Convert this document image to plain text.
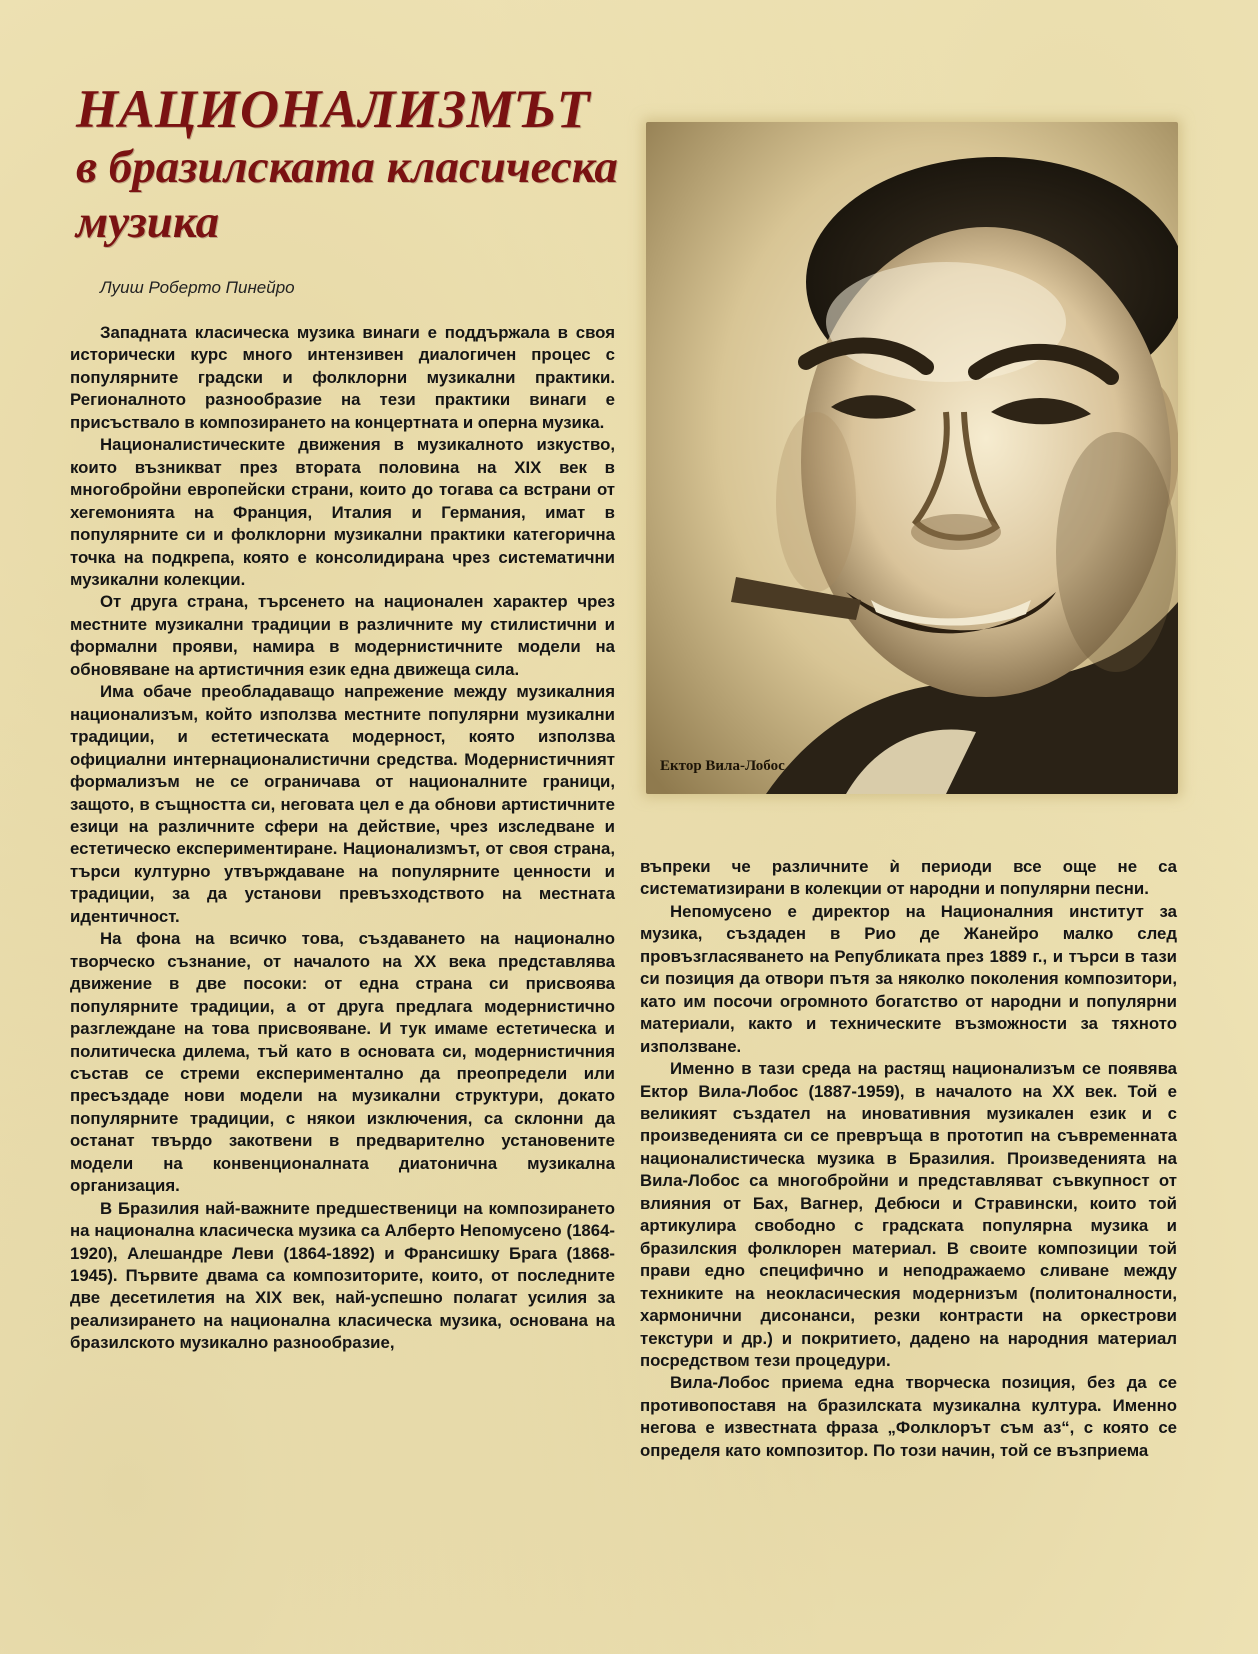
НАЦИОНАЛИЗМЪТ
в бразилската класическа
музика

Луиш Роберто Пинейро

Западната класическа музика винаги е поддържала в своя исторически курс много интензивен диалогичен процес с популярните градски и фолклорни музикални практики. Регионалното разнообразие на тези практики винаги е присъствало в композирането на концертната и оперна музика.

Националистическите движения в музикалното изкуство, които възникват през втората половина на XIX век в многобройни европейски страни, които до тогава са встрани от хегемонията на Франция, Италия и Германия, имат в популярните си и фолклорни музикални практики категорична точка на подкрепа, която е консолидирана чрез систематични музикални колекции.

От друга страна, търсенето на национален характер чрез местните музикални традиции в различните му стилистични и формални прояви, намира в модернистичните модели на обновяване на артистичния език една движеща сила.

Има обаче преобладаващо напрежение между музикалния национализъм, който използва местните популярни музикални традиции, и естетическата модерност, която използва официални интернационалистични средства. Модернистичният формализъм не се ограничава от националните граници, защото, в същността си, неговата цел е да обнови артистичните езици на различните сфери на действие, чрез изследване и естетическо експериментиране. Национализмът, от своя страна, търси културно утвърждаване на популярните ценности и традиции, за да установи превъзходството на местната идентичност.

На фона на всичко това, създаването на национално творческо съзнание, от началото на XX века представлява движение в две посоки: от една страна си присвоява популярните традиции, а от друга предлага модернистично разглеждане на това присвояване. И тук имаме естетическа и политическа дилема, тъй като в основата си, модернистичния състав се стреми експериментално да преопредели или пресъздаде нови модели на музикални структури, докато популярните традиции, с някои изключения, са склонни да останат твърдо закотвени в предварително установените модели на конвенционалната диатонична музикална организация.

В Бразилия най-важните предшественици на композирането на национална класическа музика са Алберто Непомусено (1864-1920), Алешандре Леви (1864-1892) и Франсишку Брага (1868-1945). Първите двама са композиторите, които, от последните две десетилетия на XIX век, най-успешно полагат усилия за реализирането на национална класическа музика, основана на бразилското музикално разнообразие,

Ектор Вила-Лобос

въпреки че различните ѝ периоди все още не са систематизирани в колекции от народни и популярни песни.

Непомусено е директор на Националния институт за музика, създаден в Рио де Жанейро малко след провъзгласяването на Републиката през 1889 г., и търси в тази си позиция да отвори пътя за няколко поколения композитори, като им посочи огромното богатство от народни и популярни материали, както и техническите възможности за тяхното използване.

Именно в тази среда на растящ национализъм се появява Ектор Вила-Лобос (1887-1959), в началото на XX век. Той е великият създател на иновативния музикален език и с произведенията си се превръща в прототип на съвременната националистическа музика в Бразилия. Произведенията на Вила-Лобос са многобройни и представляват съвкупност от влияния от Бах, Вагнер, Дебюси и Стравински, които той артикулира свободно с градската популярна музика и бразилския фолклорен материал. В своите композиции той прави едно специфично и неподражаемо сливане между техниките на неокласическия модернизъм (политоналности, хармонични дисонанси, резки контрасти на оркестрови текстури и др.) и покритието, дадено на народния материал посредством тези процедури.

Вила-Лобос приема една творческа позиция, без да се противопоставя на бразилската музикална култура. Именно негова е известната фраза „Фолклорът съм аз“, с която се определя като композитор. По този начин, той се възприема
